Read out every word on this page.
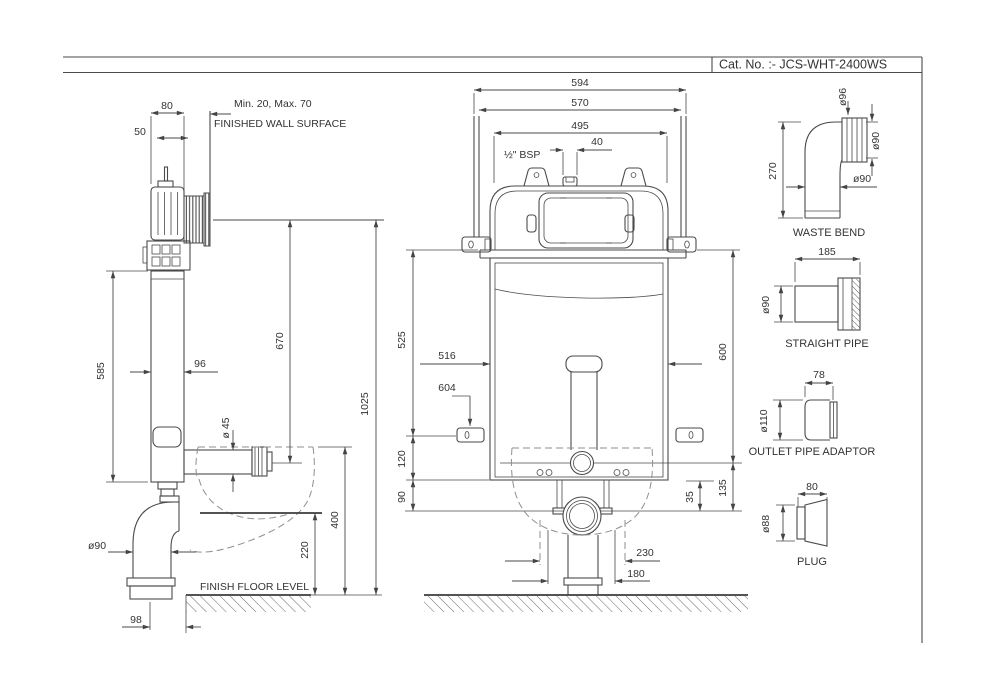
Cat. No. :- JCS-WHT-2400WS
80
50
Min. 20, Max. 70
FINISHED WALL SURFACE
585	96
670
1025
ø 45
400
220
ø90
FINISH FLOOR LEVEL
98
594
570
495
40
½" BSP
525
516
604
120
90
600
35
135
230
180
270
ø96
ø90
ø90
WASTE BEND
185
ø90
STRAIGHT PIPE
78
ø110
OUTLET PIPE ADAPTOR
80
ø88
PLUG
